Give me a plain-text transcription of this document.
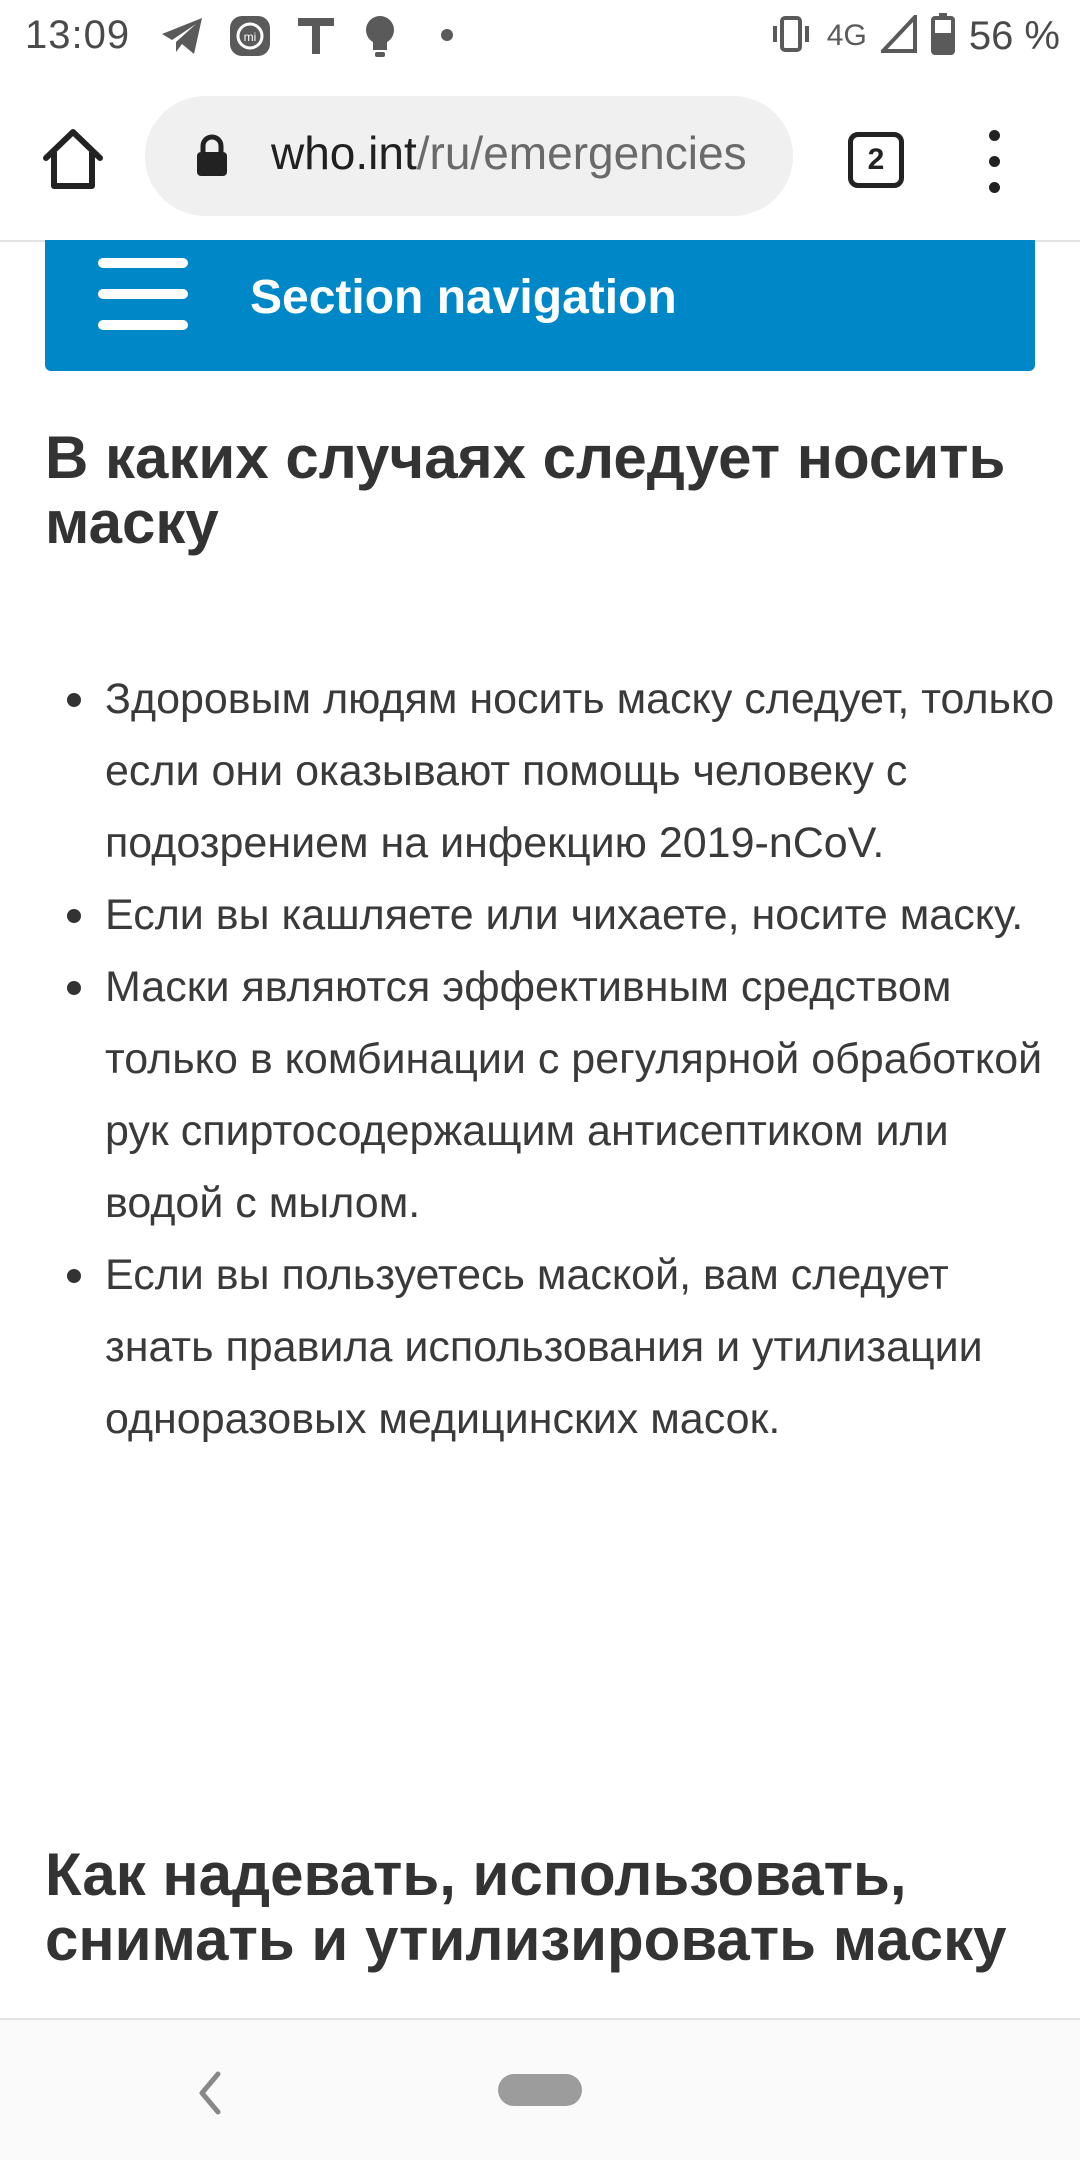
13:09	mi	4G	56 %
who.int/ru/emergencies	2
Section navigation
В каких случаях следует носить маску
Здоровым людям носить маску следует, только если они оказывают помощь человеку с подозрением на инфекцию 2019-nCoV.
Если вы кашляете или чихаете, носите маску.
Маски являются эффективным средством только в комбинации с регулярной обработкой рук спиртосодержащим антисептиком или водой с мылом.
Если вы пользуетесь маской, вам следует знать правила использования и утилизации одноразовых медицинских масок.
Как надевать, использовать, снимать и утилизировать маску
